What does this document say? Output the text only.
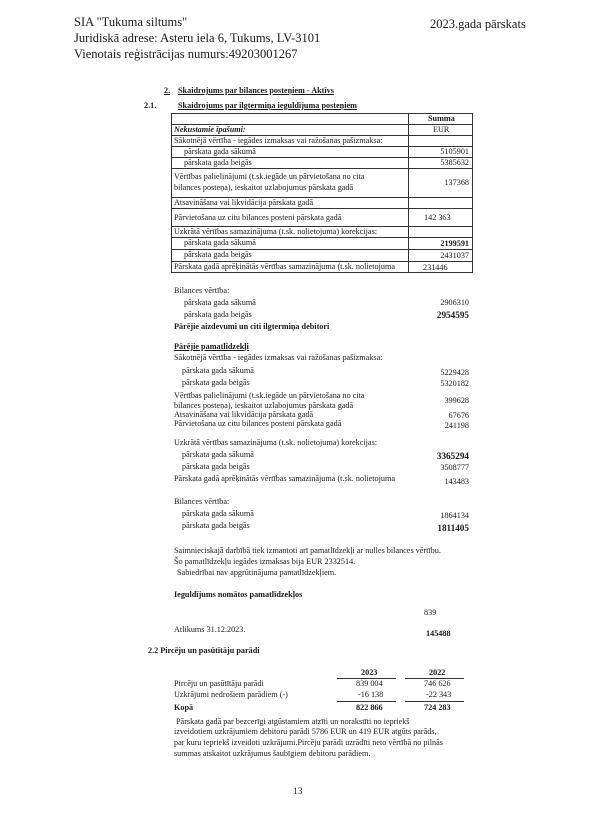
SIA "Tukuma siltums"
Juridiskā adrese: Asteru iela 6, Tukums, LV-3101
Vienotais reģistrācijas numurs:49203001267
2023.gada pārskats
2. Skaidrojums par bilances posteņiem - Aktīvs
2.1.	Skaidrojums par ilgtermiņa ieguldījuma posteņiem
Summa
Nekustamie īpašumi:	EUR
Sākotnējā vērtība - iegādes izmaksas vai ražošanas pašizmaksa:
pārskata gada sākumā	5105901
pārskata gada beigās	5385632
Vērtības palielinājumi (t.sk.iegāde un pārvietošana no cita
bilances posteņa), ieskaitot uzlabojumus pārskata gadā
137368
Atsavināšana vai likvidācija pārskata gadā
Pārvietošana uz citu bilances posteni pārskata gadā	142 363
Uzkrātā vērtības samazinājuma (t.sk. nolietojuma) korekcijas:
pārskata gada sākumā	2199591
pārskata gada beigās	2431037
Pārskata gadā aprēķinātās vērtības samazinājuma (t.sk. nolietojuma	231446
Bilances vērtība:
pārskata gada sākumā	2906310
pārskata gada beigās	2954595
Pārējie aizdevumi un citi ilgtermiņa debitori
Pārējie pamatlīdzekļi
Sākotnējā vērtība - iegādes izmaksas vai ražošanas pašizmaksa:
pārskata gada sākumā	5229428
pārskata gada beigās	5320182
Vērtības palielinājumi (t.sk.iegāde un pārvietošana no cita
bilances posteņa), ieskaitot uzlabojumus pārskata gadā
399628
Atsavināšana vai likvidācija pārskata gadā	67676
Pārvietošana uz citu bilances posteni pārskata gadā	241198
Uzkrātā vērtības samazinājuma (t.sk. nolietojuma) korekcijas:
pārskata gada sākumā	3365294
pārskata gada beigās	3508777
Pārskata gadā aprēķinātās vērtības samazinājuma (t.sk. nolietojuma	143483
Bilances vērtība:
pārskata gada sākumā	1864134
pārskata gada beigās	1811405
Saimnieciskajā darbībā tiek izmantoti arī pamatlīdzekļi ar nulles bilances vērtību.
Šo pamatlīdzekļu iegādes izmaksas bija EUR 2332514.
Sabiedrībai nav apgrūtinājuma pamatlīdzekļiem.
Ieguldījums nomātos pamatlīdzekļos
839
Atlikums 31.12.2023.	145488
2.2 Pircēju un pasūtītāju parādi
2023	2022
Pircēju un pasūtītāju parādi	839 004	746 626
Uzkrājumi nedrošiem parādiem (-)	-16 138	-22 343
Kopā	822 866	724 283
Pārskata gadā par bezcerīgi atgūstamiem atzīti un norakstīti no iepriekš
izveidotiem uzkrājumiem debitoru parādi 5786 EUR un 419 EUR atgūts parāds,
par kuru iepriekš izveidoti uzkrājumi.Pircēju parādi uzrādīti neto vērtībā no pilnās
summas atskaitot uzkrājumus šaubīgiem debitoru parādiem.
13
